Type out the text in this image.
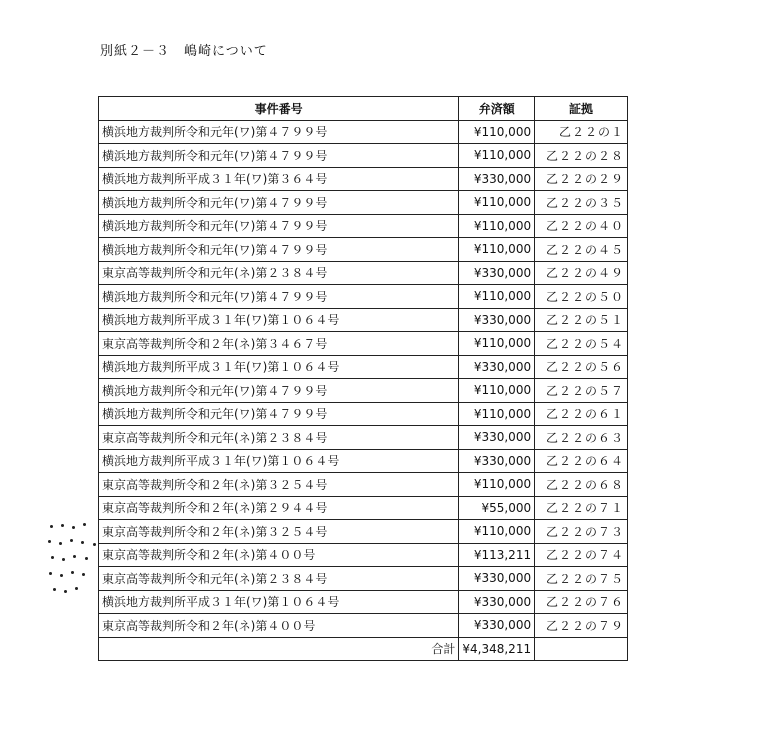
別紙２－３　嶋崎について
事件番号	弁済額	証拠
横浜地方裁判所令和元年(ワ)第４７９９号	¥110,000	乙２２の１
横浜地方裁判所令和元年(ワ)第４７９９号	¥110,000	乙２２の２８
横浜地方裁判所平成３１年(ワ)第３６４号	¥330,000	乙２２の２９
横浜地方裁判所令和元年(ワ)第４７９９号	¥110,000	乙２２の３５
横浜地方裁判所令和元年(ワ)第４７９９号	¥110,000	乙２２の４０
横浜地方裁判所令和元年(ワ)第４７９９号	¥110,000	乙２２の４５
東京高等裁判所令和元年(ネ)第２３８４号	¥330,000	乙２２の４９
横浜地方裁判所令和元年(ワ)第４７９９号	¥110,000	乙２２の５０
横浜地方裁判所平成３１年(ワ)第１０６４号	¥330,000	乙２２の５１
東京高等裁判所令和２年(ネ)第３４６７号	¥110,000	乙２２の５４
横浜地方裁判所平成３１年(ワ)第１０６４号	¥330,000	乙２２の５６
横浜地方裁判所令和元年(ワ)第４７９９号	¥110,000	乙２２の５７
横浜地方裁判所令和元年(ワ)第４７９９号	¥110,000	乙２２の６１
東京高等裁判所令和元年(ネ)第２３８４号	¥330,000	乙２２の６３
横浜地方裁判所平成３１年(ワ)第１０６４号	¥330,000	乙２２の６４
東京高等裁判所令和２年(ネ)第３２５４号	¥110,000	乙２２の６８
東京高等裁判所令和２年(ネ)第２９４４号	¥55,000	乙２２の７１
東京高等裁判所令和２年(ネ)第３２５４号	¥110,000	乙２２の７３
東京高等裁判所令和２年(ネ)第４００号	¥113,211	乙２２の７４
東京高等裁判所令和元年(ネ)第２３８４号	¥330,000	乙２２の７５
横浜地方裁判所平成３１年(ワ)第１０６４号	¥330,000	乙２２の７６
東京高等裁判所令和２年(ネ)第４００号	¥330,000	乙２２の７９
合計	¥4,348,211	
